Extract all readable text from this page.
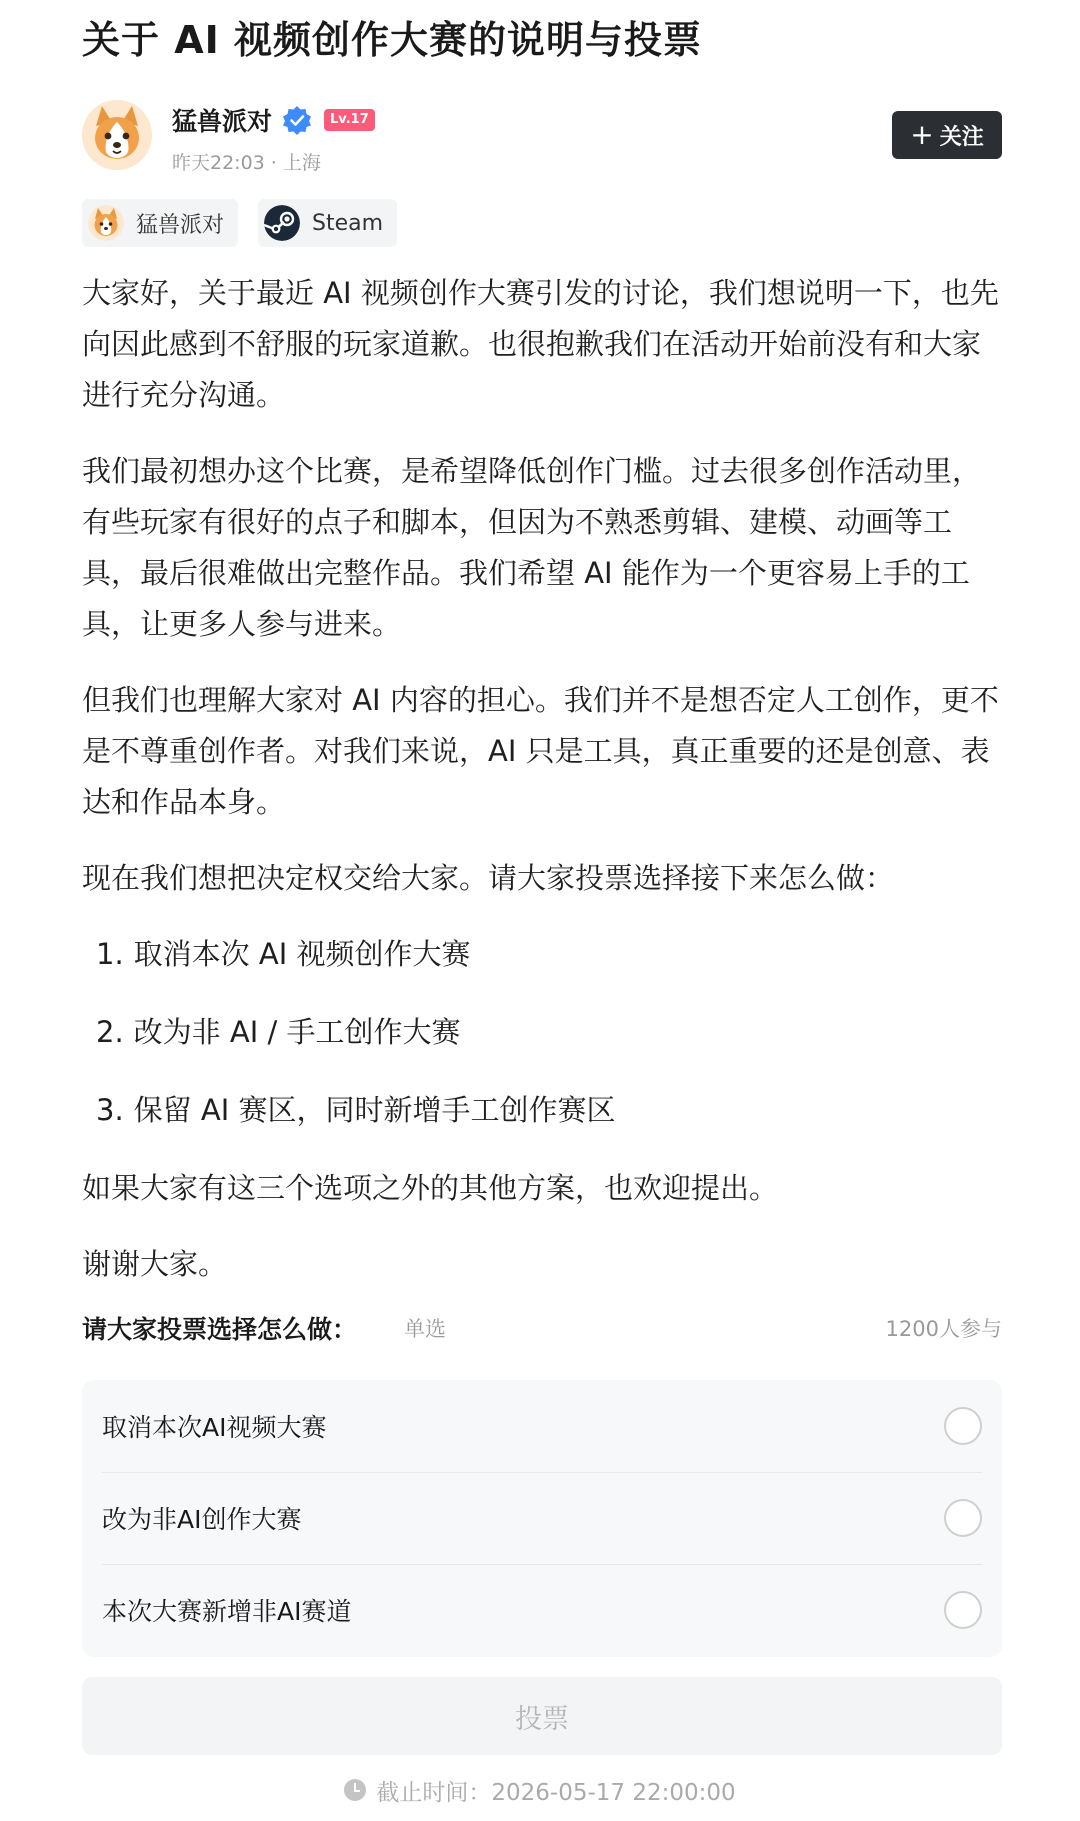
关于 AI 视频创作大赛的说明与投票
猛兽派对	Lv.17
昨天22:03 · 上海
+ 关注
猛兽派对	Steam

大家好，关于最近 AI 视频创作大赛引发的讨论，我们想说明一下，也先向因此感到不舒服的玩家道歉。也很抱歉我们在活动开始前没有和大家进行充分沟通。

我们最初想办这个比赛，是希望降低创作门槛。过去很多创作活动里，有些玩家有很好的点子和脚本，但因为不熟悉剪辑、建模、动画等工具，最后很难做出完整作品。我们希望 AI 能作为一个更容易上手的工具，让更多人参与进来。

但我们也理解大家对 AI 内容的担心。我们并不是想否定人工创作，更不是不尊重创作者。对我们来说，AI 只是工具，真正重要的还是创意、表达和作品本身。

现在我们想把决定权交给大家。请大家投票选择接下来怎么做：

1. 取消本次 AI 视频创作大赛
2. 改为非 AI / 手工创作大赛
3. 保留 AI 赛区，同时新增手工创作赛区

如果大家有这三个选项之外的其他方案，也欢迎提出。

谢谢大家。

请大家投票选择怎么做： 单选	1200人参与
取消本次AI视频大赛
改为非AI创作大赛
本次大赛新增非AI赛道
投票
截止时间：2026-05-17 22:00:00
